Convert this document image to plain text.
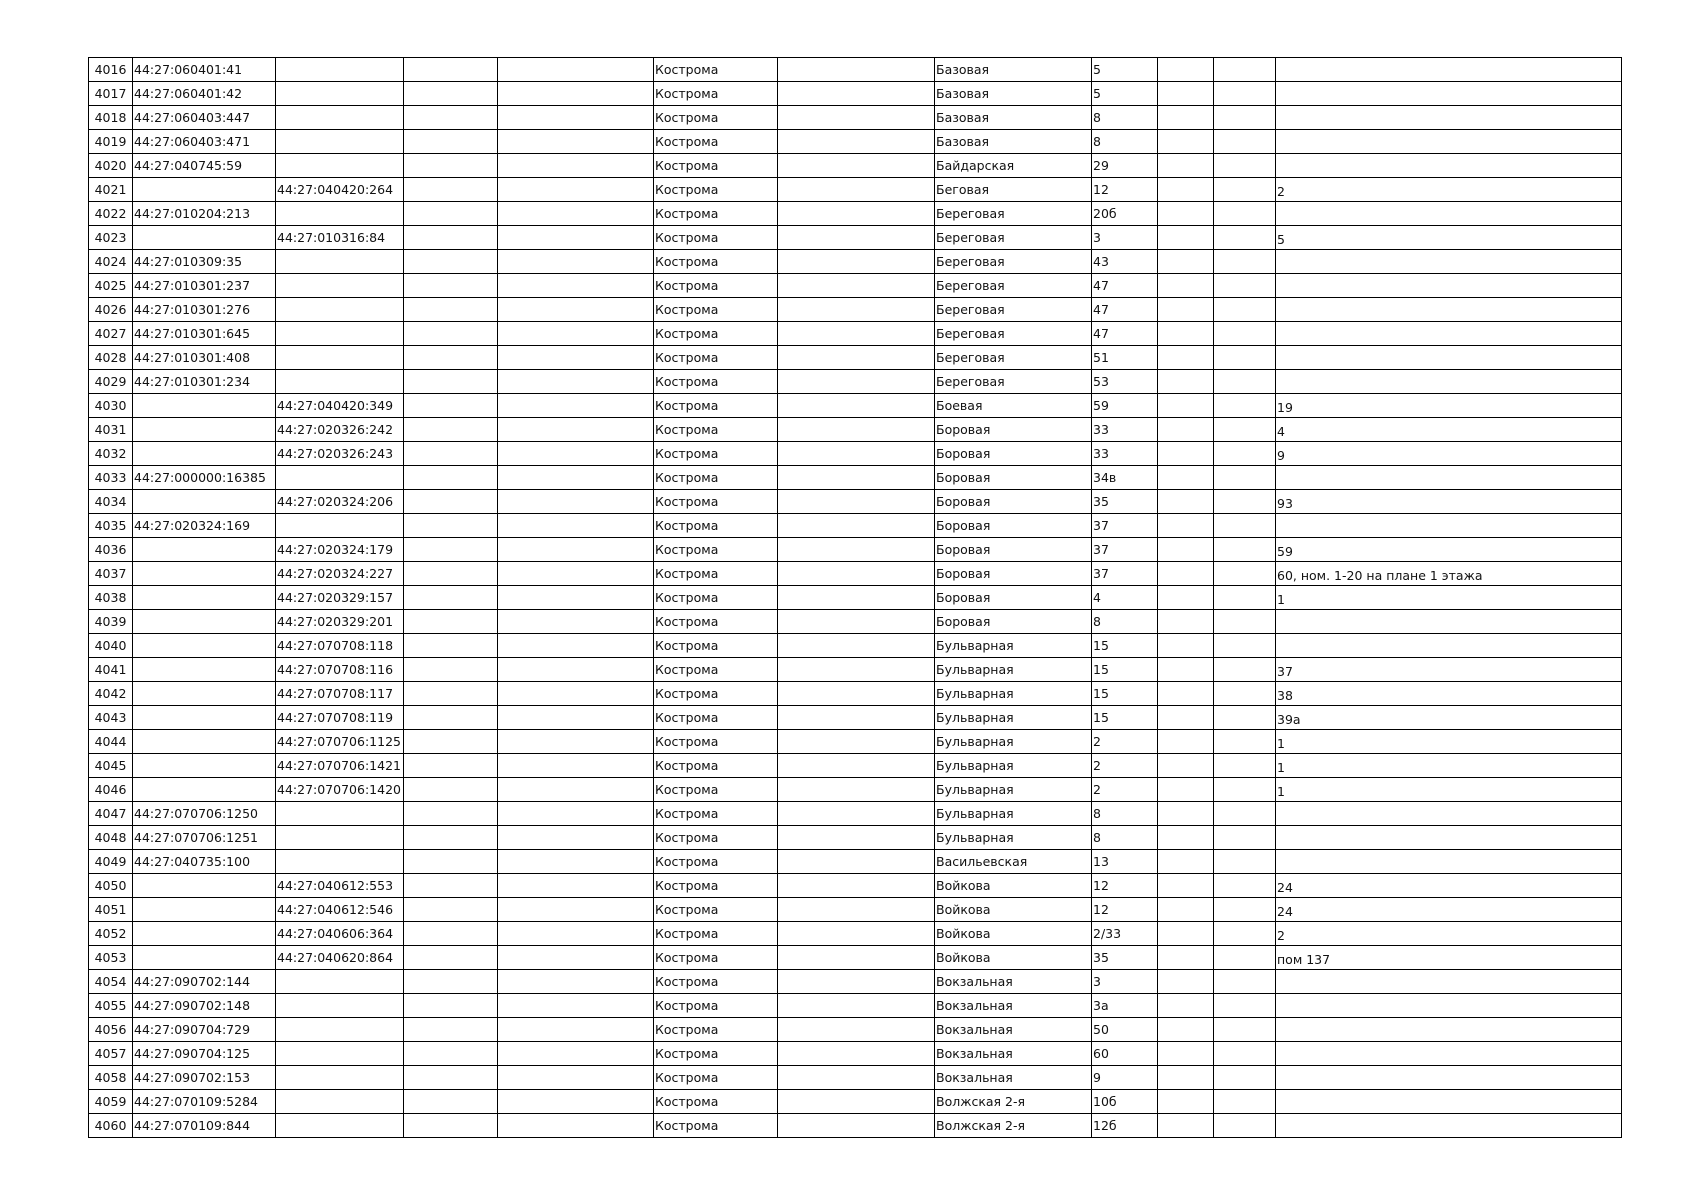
4016	44:27:060401:41				Кострома		Базовая	5			
4017	44:27:060401:42				Кострома		Базовая	5			
4018	44:27:060403:447				Кострома		Базовая	8			
4019	44:27:060403:471				Кострома		Базовая	8			
4020	44:27:040745:59				Кострома		Байдарская	29			
4021		44:27:040420:264			Кострома		Беговая	12			2
4022	44:27:010204:213				Кострома		Береговая	20б			
4023		44:27:010316:84			Кострома		Береговая	3			5
4024	44:27:010309:35				Кострома		Береговая	43			
4025	44:27:010301:237				Кострома		Береговая	47			
4026	44:27:010301:276				Кострома		Береговая	47			
4027	44:27:010301:645				Кострома		Береговая	47			
4028	44:27:010301:408				Кострома		Береговая	51			
4029	44:27:010301:234				Кострома		Береговая	53			
4030		44:27:040420:349			Кострома		Боевая	59			19
4031		44:27:020326:242			Кострома		Боровая	33			4
4032		44:27:020326:243			Кострома		Боровая	33			9
4033	44:27:000000:16385				Кострома		Боровая	34в			
4034		44:27:020324:206			Кострома		Боровая	35			93
4035	44:27:020324:169				Кострома		Боровая	37			
4036		44:27:020324:179			Кострома		Боровая	37			59
4037		44:27:020324:227			Кострома		Боровая	37			60, ном. 1-20 на плане 1 этажа
4038		44:27:020329:157			Кострома		Боровая	4			1
4039		44:27:020329:201			Кострома		Боровая	8			
4040		44:27:070708:118			Кострома		Бульварная	15			
4041		44:27:070708:116			Кострома		Бульварная	15			37
4042		44:27:070708:117			Кострома		Бульварная	15			38
4043		44:27:070708:119			Кострома		Бульварная	15			39а
4044		44:27:070706:1125			Кострома		Бульварная	2			1
4045		44:27:070706:1421			Кострома		Бульварная	2			1
4046		44:27:070706:1420			Кострома		Бульварная	2			1
4047	44:27:070706:1250				Кострома		Бульварная	8			
4048	44:27:070706:1251				Кострома		Бульварная	8			
4049	44:27:040735:100				Кострома		Васильевская	13			
4050		44:27:040612:553			Кострома		Войкова	12			24
4051		44:27:040612:546			Кострома		Войкова	12			24
4052		44:27:040606:364			Кострома		Войкова	2/33			2
4053		44:27:040620:864			Кострома		Войкова	35			пом 137
4054	44:27:090702:144				Кострома		Вокзальная	3			
4055	44:27:090702:148				Кострома		Вокзальная	3а			
4056	44:27:090704:729				Кострома		Вокзальная	50			
4057	44:27:090704:125				Кострома		Вокзальная	60			
4058	44:27:090702:153				Кострома		Вокзальная	9			
4059	44:27:070109:5284				Кострома		Волжская 2-я	10б			
4060	44:27:070109:844				Кострома		Волжская 2-я	12б			
